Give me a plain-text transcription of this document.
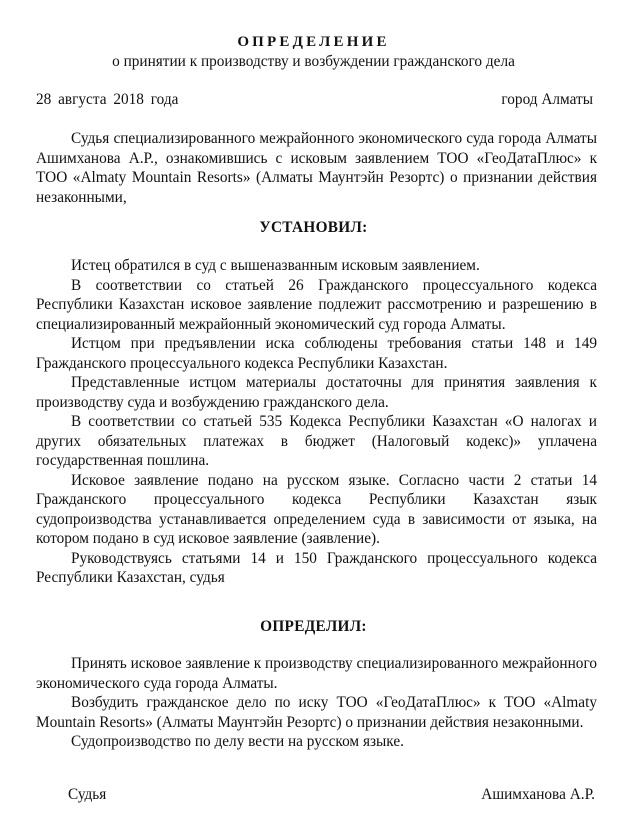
ОПРЕДЕЛЕНИЕ
о принятии к производству и возбуждении гражданского дела
28 августа 2018 года	город Алматы

Судья специализированного межрайонного экономического суда города Алматы Ашимханова А.Р., ознакомившись с исковым заявлением ТОО «ГеоДатаПлюс» к ТОО «Almaty Mountain Resorts» (Алматы Маунтэйн Резортс) о признании действия незаконными,

УСТАНОВИЛ:

Истец обратился в суд с вышеназванным исковым заявлением.

В соответствии со статьей 26 Гражданского процессуального кодекса Республики Казахстан исковое заявление подлежит рассмотрению и разрешению в специализированный межрайонный экономический суд города Алматы.

Истцом при предъявлении иска соблюдены требования статьи 148 и 149 Гражданского процессуального кодекса Республики Казахстан.

Представленные истцом материалы достаточны для принятия заявления к производству суда и возбуждению гражданского дела.

В соответствии со статьей 535 Кодекса Республики Казахстан «О налогах и других обязательных платежах в бюджет (Налоговый кодекс)» уплачена государственная пошлина.

Исковое заявление подано на русском языке. Согласно части 2 статьи 14 Гражданского процессуального кодекса Республики Казахстан язык судопроизводства устанавливается определением суда в зависимости от языка, на котором подано в суд исковое заявление (заявление).

Руководствуясь статьями 14 и 150 Гражданского процессуального кодекса Республики Казахстан, судья

ОПРЕДЕЛИЛ:

Принять исковое заявление к производству специализированного межрайонного экономического суда города Алматы.

Возбудить гражданское дело по иску ТОО «ГеоДатаПлюс» к ТОО «Almaty Mountain Resorts» (Алматы Маунтэйн Резортс) о признании действия незаконными.

Судопроизводство по делу вести на русском языке.

Судья	Ашимханова А.Р.
